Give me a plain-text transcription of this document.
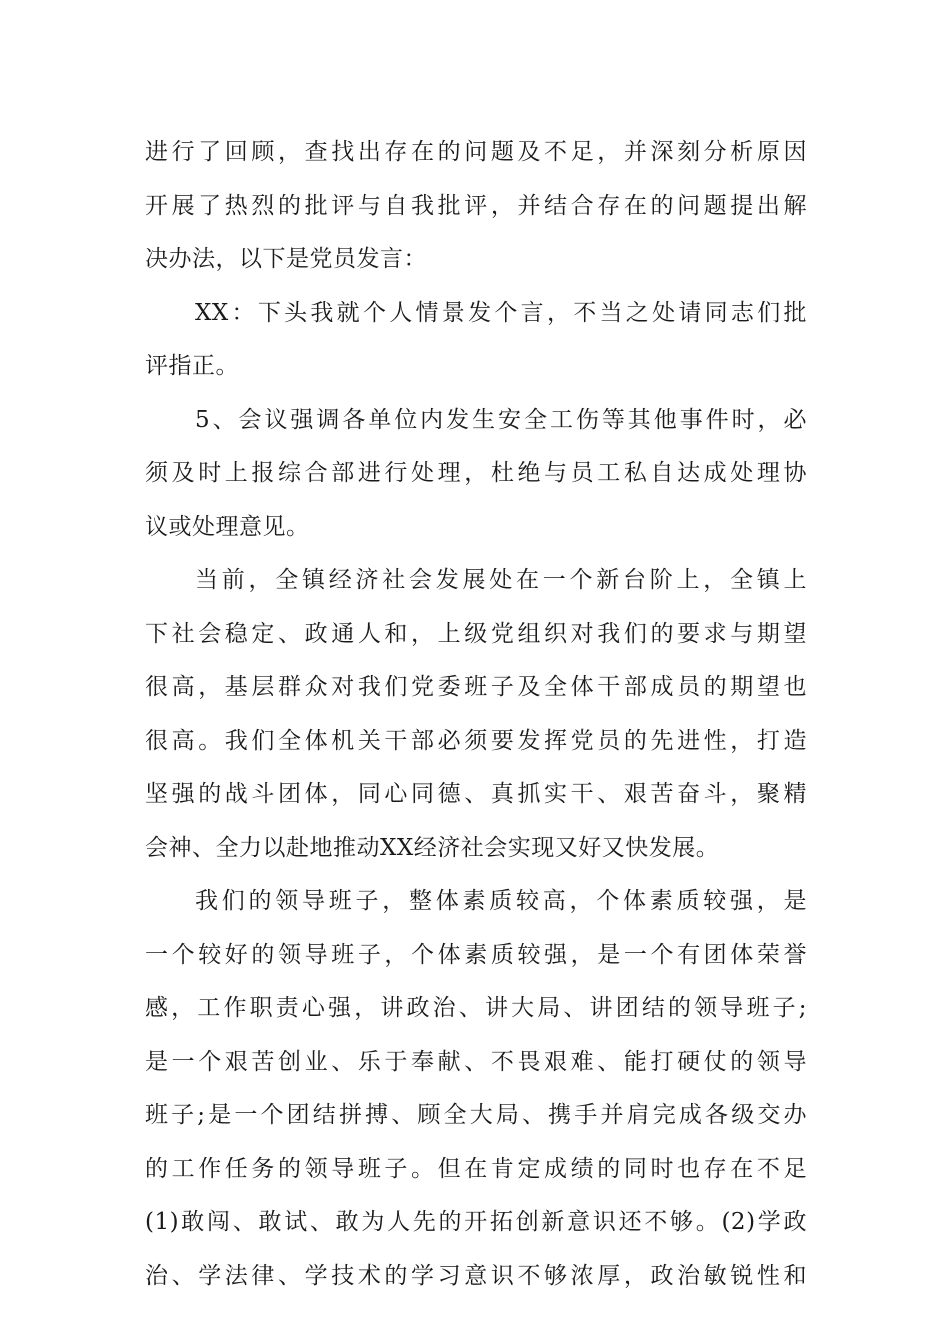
进行了回顾，查找出存在的问题及不足，并深刻分析原因
开展了热烈的批评与自我批评，并结合存在的问题提出解
决办法，以下是党员发言：
XX：下头我就个人情景发个言，不当之处请同志们批
评指正。
5、会议强调各单位内发生安全工伤等其他事件时，必
须及时上报综合部进行处理，杜绝与员工私自达成处理协
议或处理意见。
当前，全镇经济社会发展处在一个新台阶上，全镇上
下社会稳定、政通人和，上级党组织对我们的要求与期望
很高，基层群众对我们党委班子及全体干部成员的期望也
很高。我们全体机关干部必须要发挥党员的先进性，打造
坚强的战斗团体，同心同德、真抓实干、艰苦奋斗，聚精
会神、全力以赴地推动XX经济社会实现又好又快发展。
我们的领导班子，整体素质较高，个体素质较强，是
一个较好的领导班子，个体素质较强，是一个有团体荣誉
感，工作职责心强，讲政治、讲大局、讲团结的领导班子;
是一个艰苦创业、乐于奉献、不畏艰难、能打硬仗的领导
班子;是一个团结拼搏、顾全大局、携手并肩完成各级交办
的工作任务的领导班子。但在肯定成绩的同时也存在不足
(1)敢闯、敢试、敢为人先的开拓创新意识还不够。(2)学政
治、学法律、学技术的学习意识不够浓厚，政治敏锐性和
